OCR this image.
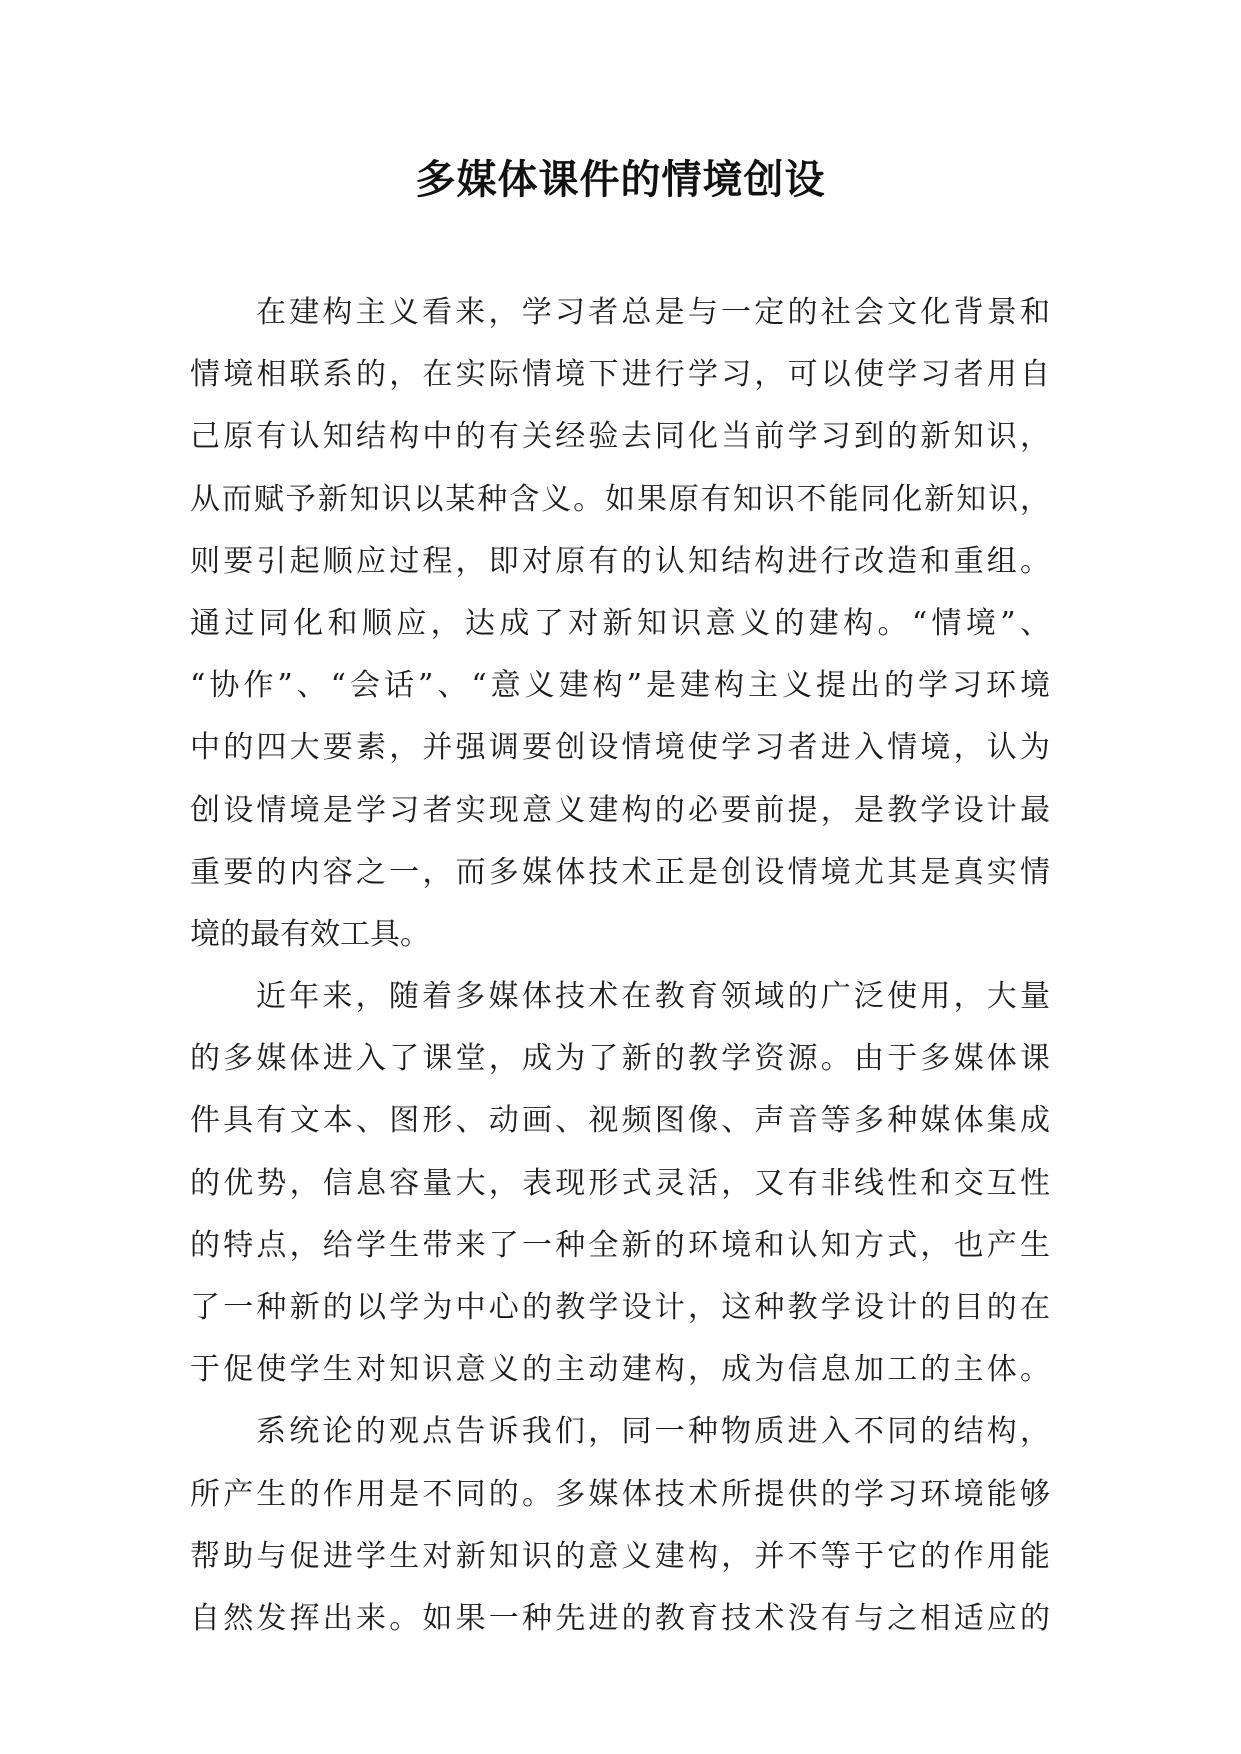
多媒体课件的情境创设
在建构主义看来，学习者总是与一定的社会文化背景和
情境相联系的，在实际情境下进行学习，可以使学习者用自
己原有认知结构中的有关经验去同化当前学习到的新知识，
从而赋予新知识以某种含义。如果原有知识不能同化新知识，
则要引起顺应过程，即对原有的认知结构进行改造和重组。
通过同化和顺应，达成了对新知识意义的建构。“情境”、
“协作”、“会话”、“意义建构”是建构主义提出的学习环境
中的四大要素，并强调要创设情境使学习者进入情境，认为
创设情境是学习者实现意义建构的必要前提，是教学设计最
重要的内容之一，而多媒体技术正是创设情境尤其是真实情
境的最有效工具。
近年来，随着多媒体技术在教育领域的广泛使用，大量
的多媒体进入了课堂，成为了新的教学资源。由于多媒体课
件具有文本、图形、动画、视频图像、声音等多种媒体集成
的优势，信息容量大，表现形式灵活，又有非线性和交互性
的特点，给学生带来了一种全新的环境和认知方式，也产生
了一种新的以学为中心的教学设计，这种教学设计的目的在
于促使学生对知识意义的主动建构，成为信息加工的主体。
系统论的观点告诉我们，同一种物质进入不同的结构，
所产生的作用是不同的。多媒体技术所提供的学习环境能够
帮助与促进学生对新知识的意义建构，并不等于它的作用能
自然发挥出来。如果一种先进的教育技术没有与之相适应的
